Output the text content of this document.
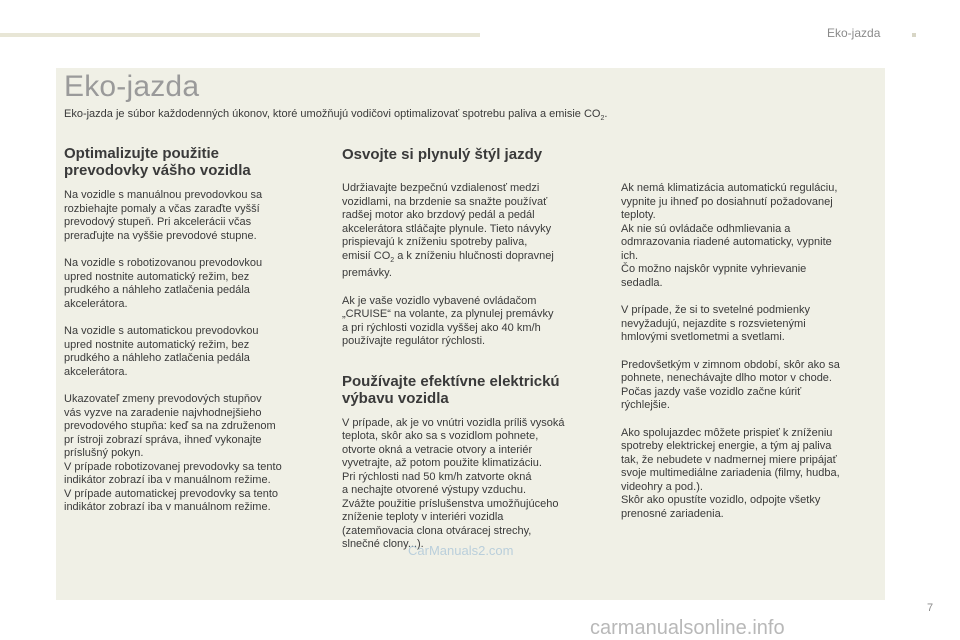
Eko-jazda
Eko-jazda
Eko-jazda je súbor každodenných úkonov, ktoré umožňujú vodičovi optimalizovať spotrebu paliva a emisie $CO_2$.
Optimalizujte použitie
prevodovky vášho vozidla

Na vozidle s manuálnou prevodovkou sa
rozbiehajte pomaly a včas zaraďte vyšší
prevodový stupeň. Pri akcelerácii včas
preraďujte na vyššie prevodové stupne.

Na vozidle s robotizovanou prevodovkou
upred nostnite automatický režim, bez
prudkého a náhleho zatlačenia pedála
akcelerátora.

Na vozidle s automatickou prevodovkou
upred nostnite automatický režim, bez
prudkého a náhleho zatlačenia pedála
akcelerátora.

Ukazovateľ zmeny prevodových stupňov
vás vyzve na zaradenie najvhodnejšieho
prevodového stupňa: keď sa na združenom
pr ístroji zobrazí správa, ihneď vykonajte
príslušný pokyn.
V prípade robotizovanej prevodovky sa tento
indikátor zobrazí iba v manuálnom režime.
V prípade automatickej prevodovky sa tento
indikátor zobrazí iba v manuálnom režime.

Osvojte si plynulý štýl jazdy

Udržiavajte bezpečnú vzdialenosť medzi
vozidlami, na brzdenie sa snažte používať
radšej motor ako brzdový pedál a pedál
akcelerátora stláčajte plynule. Tieto návyky
prispievajú k zníženiu spotreby paliva,
emisií $CO_2$ a k zníženiu hlučnosti dopravnej
premávky.

Ak je vaše vozidlo vybavené ovládačom
„CRUISE“ na volante, za plynulej premávky
a pri rýchlosti vozidla vyššej ako 40 km/h
používajte regulátor rýchlosti.

Používajte efektívne elektrickú
výbavu vozidla

V prípade, ak je vo vnútri vozidla príliš vysoká
teplota, skôr ako sa s vozidlom pohnete,
otvorte okná a vetracie otvory a interiér
vyvetrajte, až potom použite klimatizáciu.
Pri rýchlosti nad 50 km/h zatvorte okná
a nechajte otvorené výstupy vzduchu.
Zvážte použitie príslušenstva umožňujúceho
zníženie teploty v interiéri vozidla
(zatemňovacia clona otváracej strechy,
slnečné clony...).

Ak nemá klimatizácia automatickú reguláciu,
vypnite ju ihneď po dosiahnutí požadovanej
teploty.
Ak nie sú ovládače odhmlievania a
odmrazovania riadené automaticky, vypnite
ich.
Čo možno najskôr vypnite vyhrievanie
sedadla.

V prípade, že si to svetelné podmienky
nevyžadujú, nejazdite s rozsvietenými
hmlovými svetlometmi a svetlami.

Predovšetkým v zimnom období, skôr ako sa
pohnete, nenechávajte dlho motor v chode.
Počas jazdy vaše vozidlo začne kúriť
rýchlejšie.

Ako spolujazdec môžete prispieť k zníženiu
spotreby elektrickej energie, a tým aj paliva
tak, že nebudete v nadmernej miere pripájať
svoje multimediálne zariadenia (filmy, hudba,
videohry a pod.).
Skôr ako opustíte vozidlo, odpojte všetky
prenosné zariadenia.

CarManuals2.com
carmanualsonline.info
7
